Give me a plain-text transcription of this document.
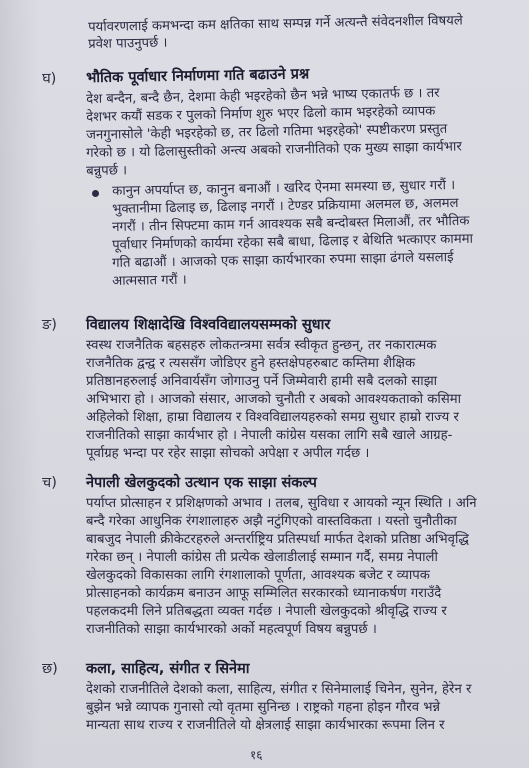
पर्यावरणलाई कमभन्दा कम क्षतिका साथ सम्पन्न गर्ने अत्यन्तै संवेदनशील विषयले
प्रवेश पाउनुपर्छ ।
घ) भौतिक पूर्वाधार निर्माणमा गति बढाउने प्रश्न
देश बन्दैन, बन्दै छैन, देशमा केही भइरहेको छैन भन्ने भाष्य एकातर्फ छ । तर
देशभर कयौं सडक र पुलको निर्माण शुरु भएर ढिलो काम भइरहेको व्यापक
जनगुनासोले 'केही भइरहेको छ, तर ढिलो गतिमा भइरहेको' स्पष्टीकरण प्रस्तुत
गरेको छ । यो ढिलासुस्तीको अन्त्य अबको राजनीतिको एक मुख्य साझा कार्यभार
बन्नुपर्छ ।
कानुन अपर्याप्त छ, कानुन बनाऔं । खरिद ऐनमा समस्या छ, सुधार गरौं ।
भुक्तानीमा ढिलाइ छ, ढिलाइ नगरौं । टेण्डर प्रक्रियामा अलमल छ, अलमल
नगरौं । तीन सिफ्टमा काम गर्न आवश्यक सबै बन्दोबस्त मिलाऔं, तर भौतिक
पूर्वाधार निर्माणको कार्यमा रहेका सबै बाधा, ढिलाइ र बेथिति भत्काएर काममा
गति बढाऔं । आजको एक साझा कार्यभारका रुपमा साझा ढंगले यसलाई
आत्मसात गरौं ।
ङ) विद्यालय शिक्षादेखि विश्वविद्यालयसम्मको सुधार
स्वस्थ राजनैतिक बहसहरु लोकतन्त्रमा सर्वत्र स्वीकृत हुन्छन्, तर नकारात्मक
राजनैतिक द्वन्द्व र त्यससँग जोडिएर हुने हस्तक्षेपहरुबाट कम्तिमा शैक्षिक
प्रतिष्ठानहरुलाई अनिवार्यसँग जोगाउनु पर्ने जिम्मेवारी हामी सबै दलको साझा
अभिभारा हो । आजको संसार, आजको चुनौती र अबको आवश्यकताको कसिमा
अहिलेको शिक्षा, हाम्रा विद्यालय र विश्वविद्यालयहरुको समग्र सुधार हाम्रो राज्य र
राजनीतिको साझा कार्यभार हो । नेपाली कांग्रेस यसका लागि सबै खाले आग्रह-
पूर्वाग्रह भन्दा पर रहेर साझा सोचको अपेक्षा र अपील गर्दछ ।
च) नेपाली खेलकुदको उत्थान एक साझा संकल्प
पर्याप्त प्रोत्साहन र प्रशिक्षणको अभाव । तलब, सुविधा र आयको न्यून स्थिति । अनि
बन्दै गरेका आधुनिक रंगशालाहरु अझै नटुंगिएको वास्तविकता । यस्तो चुनौतीका
बाबजुद नेपाली क्रीकेटरहरुले अन्तर्राष्ट्रिय प्रतिस्पर्धा मार्फत देशको प्रतिष्ठा अभिवृद्धि
गरेका छन् । नेपाली कांग्रेस ती प्रत्येक खेलाडीलाई सम्मान गर्दै, समग्र नेपाली
खेलकुदको विकासका लागि रंगशालाको पूर्णता, आवश्यक बजेट र व्यापक
प्रोत्साहनको कार्यक्रम बनाउन आफू सम्मिलित सरकारको ध्यानाकर्षण गराउँदै
पहलकदमी लिने प्रतिबद्धता व्यक्त गर्दछ । नेपाली खेलकुदको श्रीवृद्धि राज्य र
राजनीतिको साझा कार्यभारको अर्को महत्वपूर्ण विषय बन्नुपर्छ ।
छ) कला, साहित्य, संगीत र सिनेमा
देशको राजनीतिले देशको कला, साहित्य, संगीत र सिनेमालाई चिनेन, सुनेन, हेरेन र
बुझेन भन्ने व्यापक गुनासो त्यो वृतमा सुनिन्छ । राष्ट्रको गहना होइन गौरव भन्ने
मान्यता साथ राज्य र राजनीतिले यो क्षेत्रलाई साझा कार्यभारका रूपमा लिन र
१६
